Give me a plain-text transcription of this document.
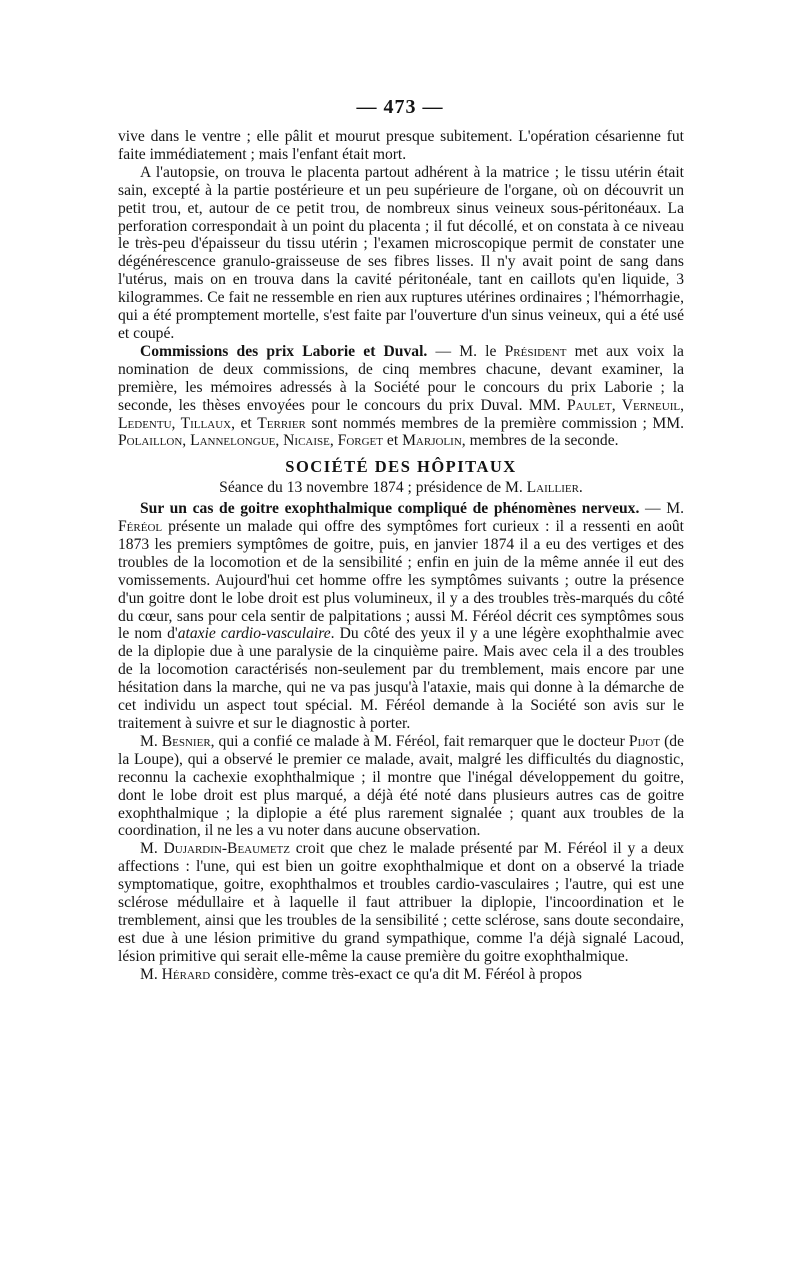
— 473 —

vive dans le ventre ; elle pâlit et mourut presque subitement. L'opération césarienne fut faite immédiatement ; mais l'enfant était mort.

A l'autopsie, on trouva le placenta partout adhérent à la matrice ; le tissu utérin était sain, excepté à la partie postérieure et un peu supérieure de l'organe, où on découvrit un petit trou, et, autour de ce petit trou, de nombreux sinus veineux sous-péritonéaux. La perforation correspondait à un point du placenta ; il fut décollé, et on constata à ce niveau le très-peu d'épaisseur du tissu utérin ; l'examen microscopique permit de constater une dégénérescence granulo-graisseuse de ses fibres lisses. Il n'y avait point de sang dans l'utérus, mais on en trouva dans la cavité péritonéale, tant en caillots qu'en liquide, 3 kilogrammes. Ce fait ne ressemble en rien aux ruptures utérines ordinaires ; l'hémorrhagie, qui a été promptement mortelle, s'est faite par l'ouverture d'un sinus veineux, qui a été usé et coupé.

Commissions des prix Laborie et Duval. — M. le Président met aux voix la nomination de deux commissions, de cinq membres chacune, devant examiner, la première, les mémoires adressés à la Société pour le concours du prix Laborie ; la seconde, les thèses envoyées pour le concours du prix Duval. MM. Paulet, Verneuil, Ledentu, Tillaux, et Terrier sont nommés membres de la première commission ; MM. Polaillon, Lannelongue, Nicaise, Forget et Marjolin, membres de la seconde.

SOCIÉTÉ DES HÔPITAUX
Séance du 13 novembre 1874 ; présidence de M. Laillier.

Sur un cas de goitre exophthalmique compliqué de phénomènes nerveux. — M. Féréol présente un malade qui offre des symptômes fort curieux : il a ressenti en août 1873 les premiers symptômes de goitre, puis, en janvier 1874 il a eu des vertiges et des troubles de la locomotion et de la sensibilité ; enfin en juin de la même année il eut des vomissements. Aujourd'hui cet homme offre les symptômes suivants ; outre la présence d'un goitre dont le lobe droit est plus volumineux, il y a des troubles très-marqués du côté du cœur, sans pour cela sentir de palpitations ; aussi M. Féréol décrit ces symptômes sous le nom d'ataxie cardio-vasculaire. Du côté des yeux il y a une légère exophthalmie avec de la diplopie due à une paralysie de la cinquième paire. Mais avec cela il a des troubles de la locomotion caractérisés non-seulement par du tremblement, mais encore par une hésitation dans la marche, qui ne va pas jusqu'à l'ataxie, mais qui donne à la démarche de cet individu un aspect tout spécial. M. Féréol demande à la Société son avis sur le traitement à suivre et sur le diagnostic à porter.

M. Besnier, qui a confié ce malade à M. Féréol, fait remarquer que le docteur Pijot (de la Loupe), qui a observé le premier ce malade, avait, malgré les difficultés du diagnostic, reconnu la cachexie exophthalmique ; il montre que l'inégal développement du goitre, dont le lobe droit est plus marqué, a déjà été noté dans plusieurs autres cas de goitre exophthalmique ; la diplopie a été plus rarement signalée ; quant aux troubles de la coordination, il ne les a vu noter dans aucune observation.

M. Dujardin-Beaumetz croit que chez le malade présenté par M. Féréol il y a deux affections : l'une, qui est bien un goitre exophthalmique et dont on a observé la triade symptomatique, goitre, exophthalmos et troubles cardio-vasculaires ; l'autre, qui est une sclérose médullaire et à laquelle il faut attribuer la diplopie, l'incoordination et le tremblement, ainsi que les troubles de la sensibilité ; cette sclérose, sans doute secondaire, est due à une lésion primitive du grand sympathique, comme l'a déjà signalé Lacoud, lésion primitive qui serait elle-même la cause première du goitre exophthalmique.

M. Hérard considère, comme très-exact ce qu'a dit M. Féréol à propos
